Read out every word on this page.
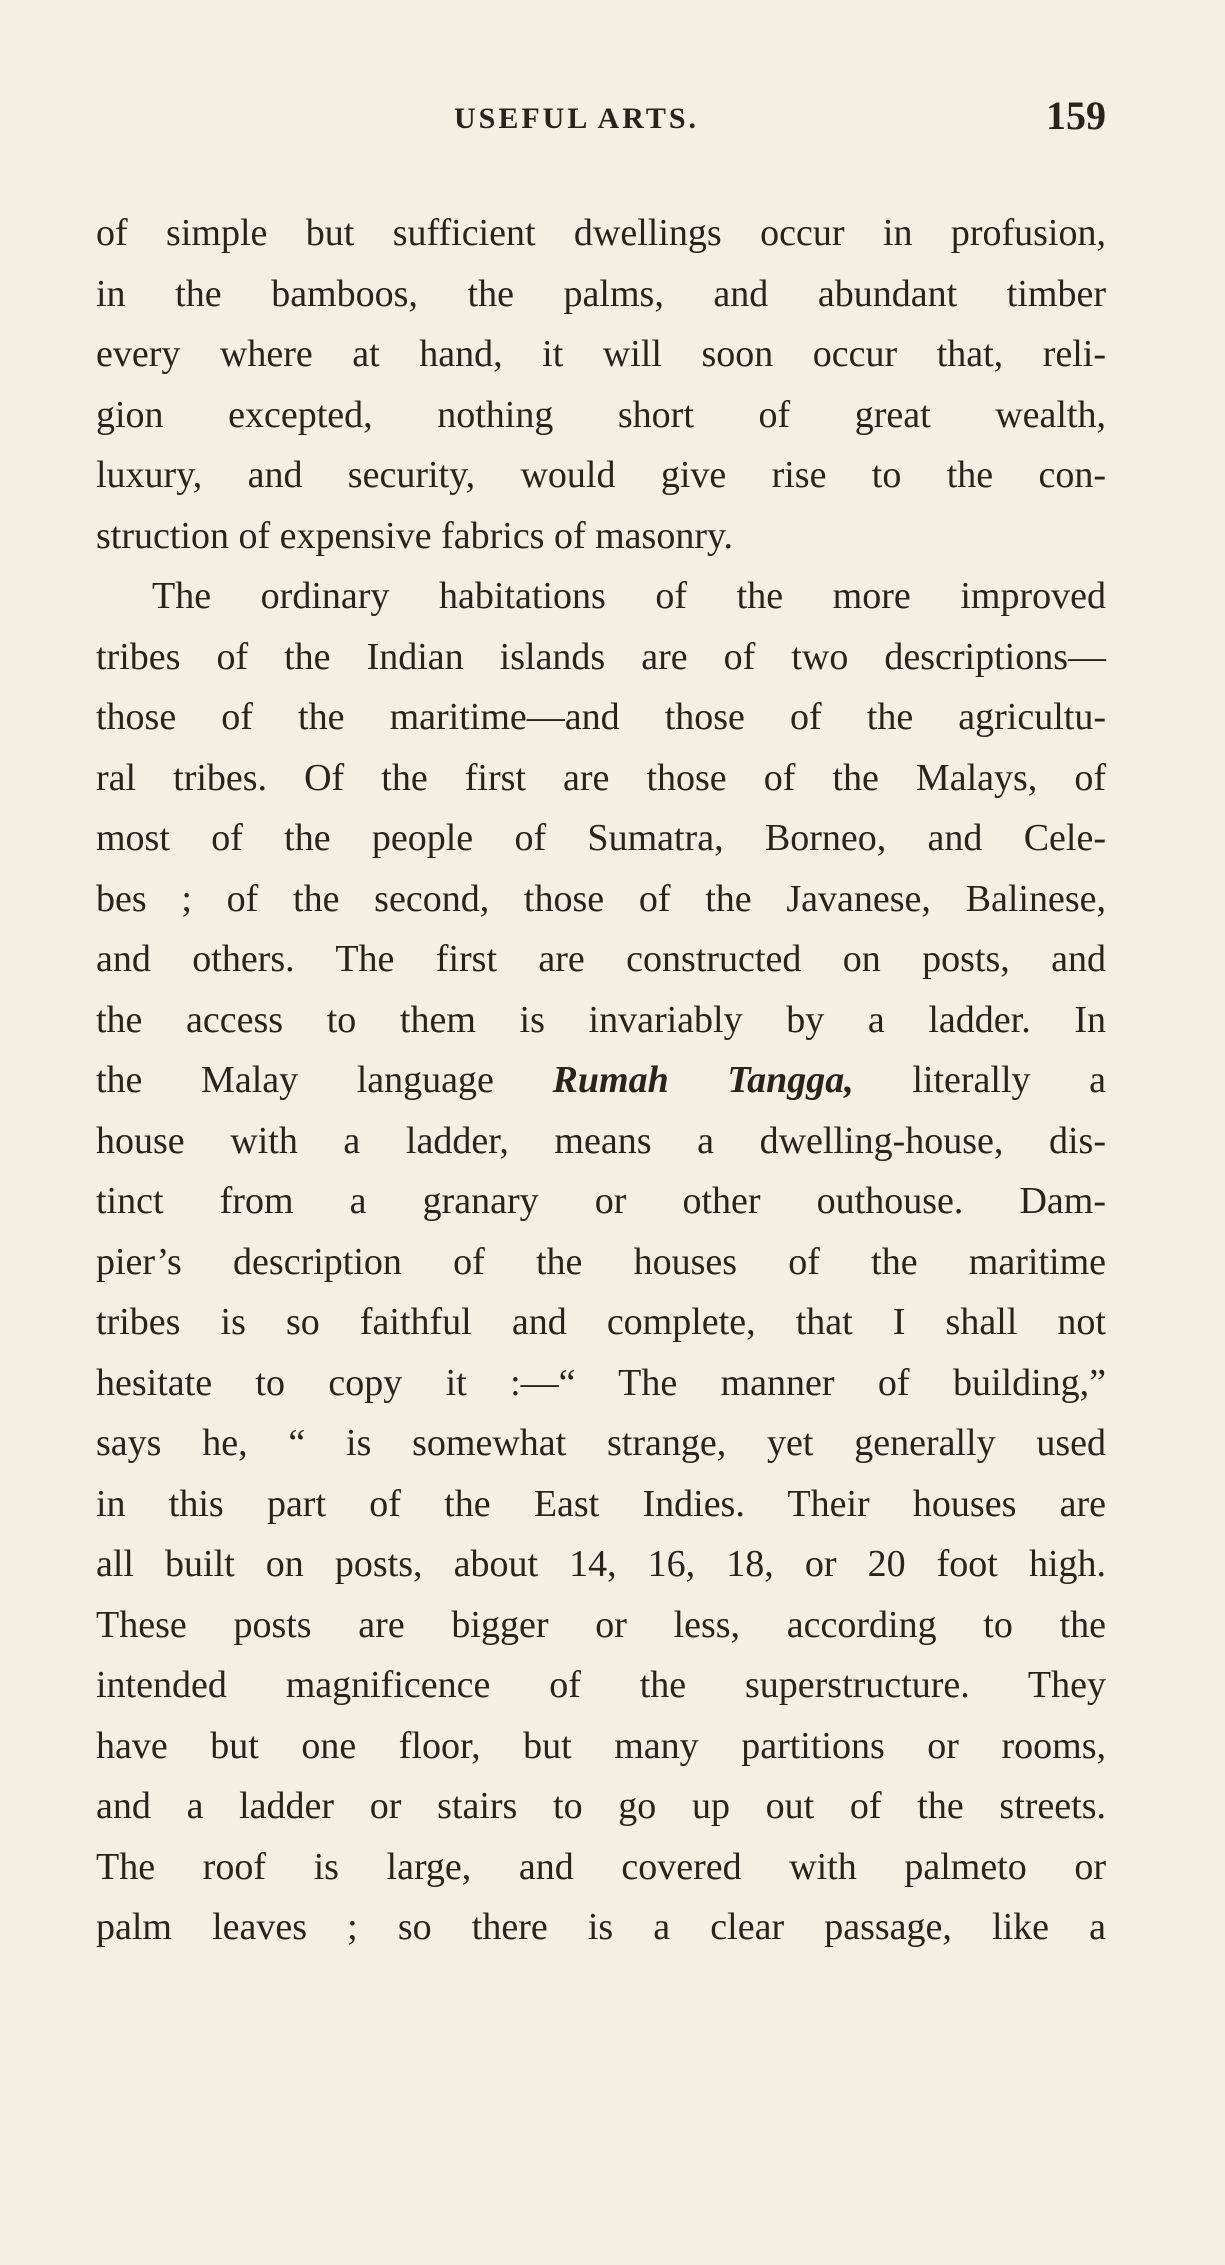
USEFUL ARTS.	159
of simple but sufficient dwellings occur in profusion,
in the bamboos, the palms, and abundant timber
every where at hand, it will soon occur that, reli-
gion excepted, nothing short of great wealth,
luxury, and security, would give rise to the con-
struction of expensive fabrics of masonry.
The ordinary habitations of the more improved
tribes of the Indian islands are of two descriptions—
those of the maritime—and those of the agricultu-
ral tribes. Of the first are those of the Malays, of
most of the people of Sumatra, Borneo, and Cele-
bes ; of the second, those of the Javanese, Balinese,
and others. The first are constructed on posts, and
the access to them is invariably by a ladder. In
the Malay language Rumah Tangga, literally a
house with a ladder, means a dwelling-house, dis-
tinct from a granary or other outhouse. Dam-
pier’s description of the houses of the maritime
tribes is so faithful and complete, that I shall not
hesitate to copy it :—“ The manner of building,”
says he, “ is somewhat strange, yet generally used
in this part of the East Indies. Their houses are
all built on posts, about 14, 16, 18, or 20 foot high.
These posts are bigger or less, according to the
intended magnificence of the superstructure. They
have but one floor, but many partitions or rooms,
and a ladder or stairs to go up out of the streets.
The roof is large, and covered with palmeto or
palm leaves ; so there is a clear passage, like a
